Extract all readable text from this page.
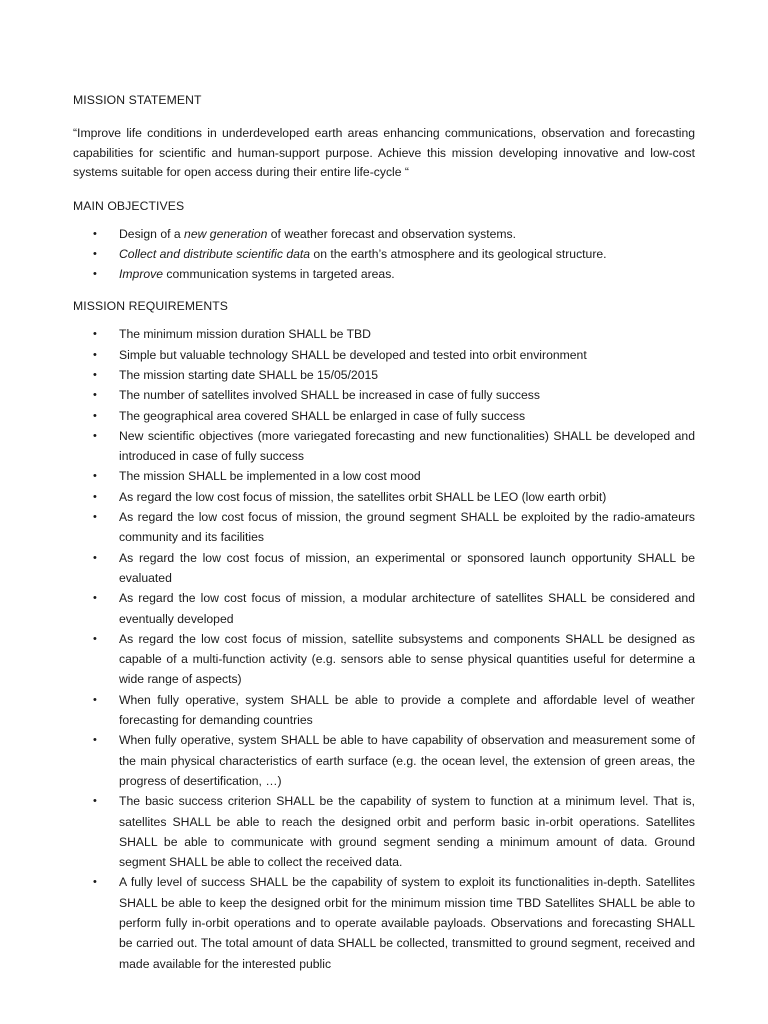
MISSION STATEMENT

“Improve life conditions in underdeveloped earth areas enhancing communications, observation and forecasting capabilities for scientific and human-support purpose. Achieve this mission developing innovative and low-cost systems suitable for open access during their entire life-cycle “

MAIN OBJECTIVES

• Design of a new generation of weather forecast and observation systems.
• Collect and distribute scientific data on the earth’s atmosphere and its geological structure.
• Improve communication systems in targeted areas.

MISSION REQUIREMENTS

• The minimum mission duration SHALL be TBD
• Simple but valuable technology SHALL be developed and tested into orbit environment
• The mission starting date SHALL be 15/05/2015
• The number of satellites involved SHALL be increased in case of fully success
• The geographical area covered SHALL be enlarged in case of fully success
• New scientific objectives (more variegated forecasting and new functionalities) SHALL be developed and introduced in case of fully success
• The mission SHALL be implemented in a low cost mood
• As regard the low cost focus of mission, the satellites orbit SHALL be LEO (low earth orbit)
• As regard the low cost focus of mission, the ground segment SHALL be exploited by the radio-amateurs community and its facilities
• As regard the low cost focus of mission, an experimental or sponsored launch opportunity SHALL be evaluated
• As regard the low cost focus of mission, a modular architecture of satellites SHALL be considered and eventually developed
• As regard the low cost focus of mission, satellite subsystems and components SHALL be designed as capable of a multi-function activity (e.g. sensors able to sense physical quantities useful for determine a wide range of aspects)
• When fully operative, system SHALL be able to provide a complete and affordable level of weather forecasting for demanding countries
• When fully operative, system SHALL be able to have capability of observation and measurement some of the main physical characteristics of earth surface (e.g. the ocean level, the extension of green areas, the progress of desertification, …)
• The basic success criterion SHALL be the capability of system to function at a minimum level. That is, satellites SHALL be able to reach the designed orbit and perform basic in-orbit operations. Satellites SHALL be able to communicate with ground segment sending a minimum amount of data. Ground segment SHALL be able to collect the received data.
• A fully level of success SHALL be the capability of system to exploit its functionalities in-depth. Satellites SHALL be able to keep the designed orbit for the minimum mission time TBD Satellites SHALL be able to perform fully in-orbit operations and to operate available payloads. Observations and forecasting SHALL be carried out. The total amount of data SHALL be collected, transmitted to ground segment, received and made available for the interested public
